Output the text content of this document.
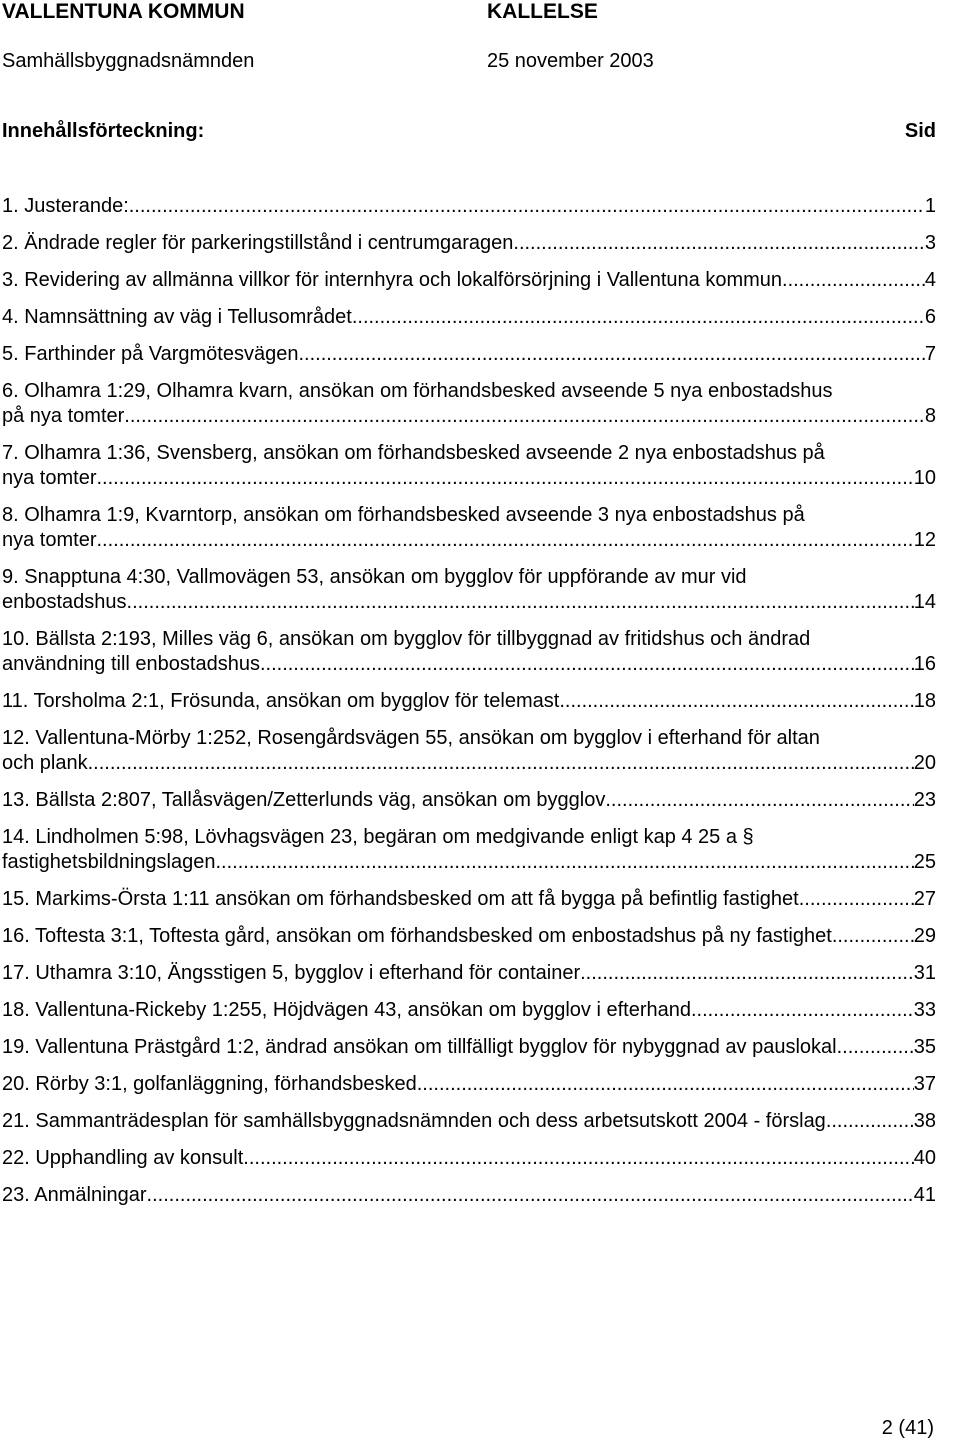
VALLENTUNA KOMMUN	KALLELSE
Samhällsbyggnadsnämnden	25 november 2003
Innehållsförteckning:	Sid
1. Justerande: .....	1
2. Ändrade regler för parkeringstillstånd i centrumgaragen .....	3
3. Revidering av allmänna villkor för internhyra och lokalförsörjning i Vallentuna kommun .....	4
4. Namnsättning av väg i Tellusområdet .....	6
5. Farthinder på Vargmötesvägen .....	7
6. Olhamra 1:29, Olhamra kvarn, ansökan om förhandsbesked avseende 5 nya enbostadshus
på nya tomter .....	8
7. Olhamra 1:36, Svensberg, ansökan om förhandsbesked avseende 2 nya enbostadshus på
nya tomter .....	10
8. Olhamra 1:9, Kvarntorp, ansökan om förhandsbesked avseende 3 nya enbostadshus på
nya tomter .....	12
9. Snapptuna 4:30, Vallmovägen 53, ansökan om bygglov för uppförande av mur vid
enbostadshus .....	14
10. Bällsta 2:193, Milles väg 6, ansökan om bygglov för tillbyggnad av fritidshus och ändrad
användning till enbostadshus .....	16
11. Torsholma 2:1, Frösunda, ansökan om bygglov för telemast .....	18
12. Vallentuna-Mörby 1:252, Rosengårdsvägen 55, ansökan om bygglov i efterhand för altan
och plank .....	20
13. Bällsta 2:807, Tallåsvägen/Zetterlunds väg, ansökan om bygglov .....	23
14. Lindholmen 5:98, Lövhagsvägen 23, begäran om medgivande enligt kap 4 25 a §
fastighetsbildningslagen .....	25
15. Markims-Örsta 1:11 ansökan om förhandsbesked om att få bygga på befintlig fastighet .....	27
16. Toftesta 3:1, Toftesta gård, ansökan om förhandsbesked om enbostadshus på ny fastighet .....	29
17. Uthamra 3:10, Ängsstigen 5, bygglov i efterhand för container .....	31
18. Vallentuna-Rickeby 1:255, Höjdvägen 43, ansökan om bygglov i efterhand .....	33
19. Vallentuna Prästgård 1:2, ändrad ansökan om tillfälligt bygglov för nybyggnad av pauslokal .....	35
20. Rörby 3:1, golfanläggning, förhandsbesked .....	37
21. Sammanträdesplan för samhällsbyggnadsnämnden och dess arbetsutskott 2004 - förslag .....	38
22. Upphandling av konsult .....	40
23. Anmälningar .....	41
2 (41)
